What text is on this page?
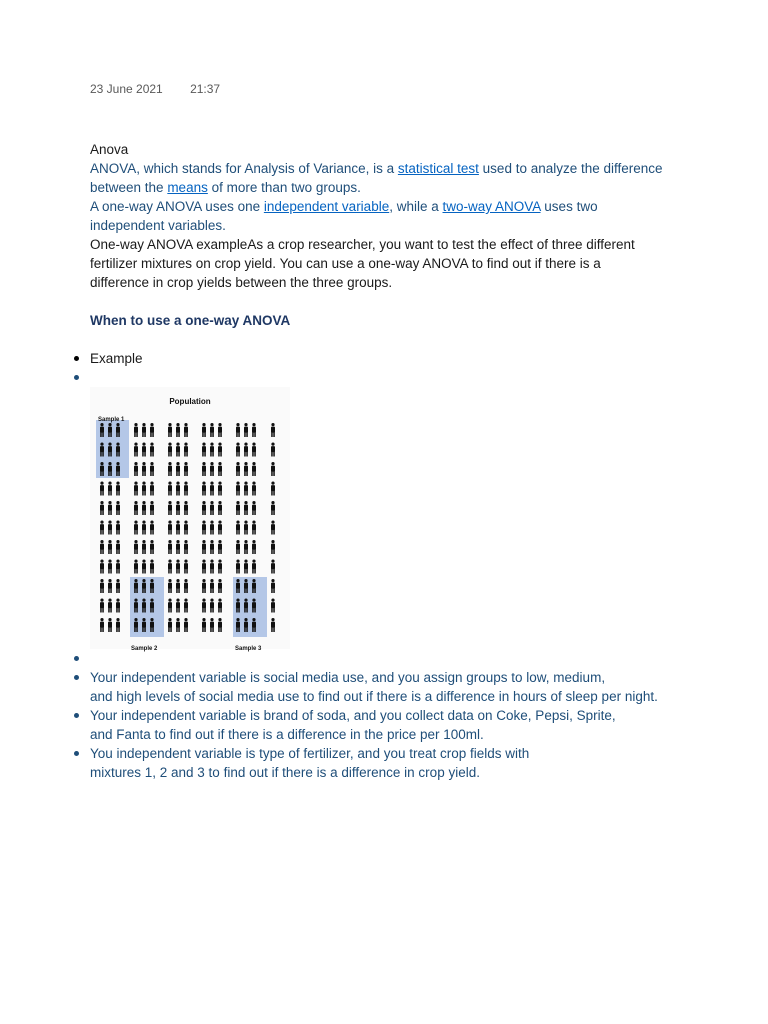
23 June 2021 21:37
Anova
ANOVA, which stands for Analysis of Variance, is a statistical test used to analyze the difference
between the means of more than two groups.
A one-way ANOVA uses one independent variable, while a two-way ANOVA uses two
independent variables.
One-way ANOVA exampleAs a crop researcher, you want to test the effect of three different
fertilizer mixtures on crop yield. You can use a one-way ANOVA to find out if there is a
difference in crop yields between the three groups.
When to use a one-way ANOVA
Example
Population
Sample 1
Sample 2	Sample 3
Your independent variable is social media use, and you assign groups to low, medium,
and high levels of social media use to find out if there is a difference in hours of sleep per night.
Your independent variable is brand of soda, and you collect data on Coke, Pepsi, Sprite,
and Fanta to find out if there is a difference in the price per 100ml.
You independent variable is type of fertilizer, and you treat crop fields with
mixtures 1, 2 and 3 to find out if there is a difference in crop yield.
